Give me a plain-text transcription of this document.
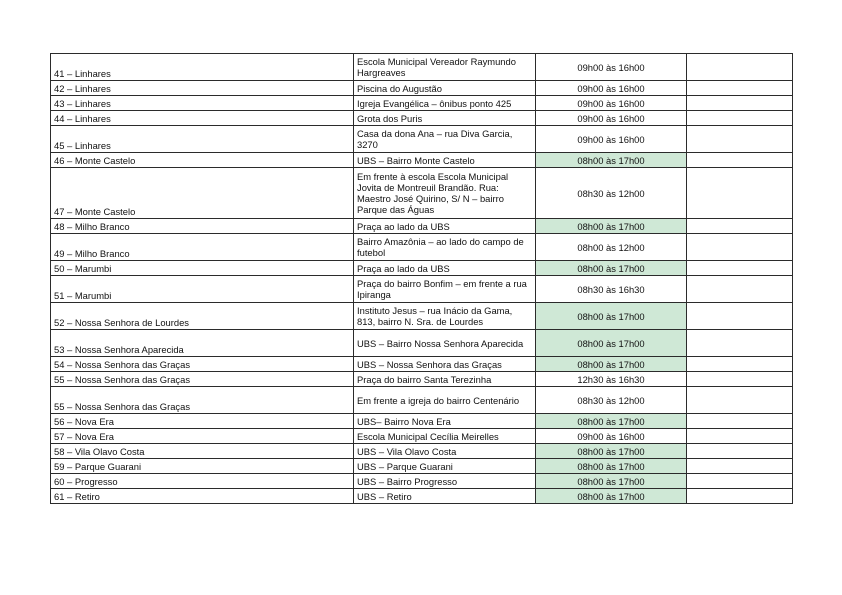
41 – Linhares	Escola Municipal Vereador Raymundo Hargreaves	09h00 às 16h00	
42 – Linhares	Piscina do Augustão	09h00 às 16h00	
43 – Linhares	Igreja Evangélica – ônibus ponto 425	09h00 às 16h00	
44 – Linhares	Grota dos Puris	09h00 às 16h00	
45 – Linhares	Casa da dona Ana – rua Diva Garcia, 3270	09h00 às 16h00	
46 – Monte Castelo	UBS – Bairro Monte Castelo	08h00 às 17h00	
47 – Monte Castelo	Em frente à escola Escola Municipal Jovita de Montreuil Brandão. Rua: Maestro José Quirino, S/ N – bairro Parque das Águas	08h30 às 12h00	
48 – Milho Branco	Praça ao lado da UBS	08h00 às 17h00	
49 – Milho Branco	Bairro Amazônia – ao lado do campo de futebol	08h00 às 12h00	
50 – Marumbi	Praça ao lado da UBS	08h00 às 17h00	
51 – Marumbi	Praça do bairro Bonfim – em frente a rua Ipiranga	08h30 às 16h30	
52 – Nossa Senhora de Lourdes	Instituto Jesus – rua Inácio da Gama, 813, bairro N. Sra. de Lourdes	08h00 às 17h00	
53 – Nossa Senhora Aparecida	UBS – Bairro Nossa Senhora Aparecida	08h00 às 17h00	
54 – Nossa Senhora das Graças	UBS – Nossa Senhora das Graças	08h00 às 17h00	
55 – Nossa Senhora das Graças	Praça do bairro Santa Terezinha	12h30 às 16h30	
55 – Nossa Senhora das Graças	Em frente a igreja do bairro Centenário	08h30 às 12h00	
56 – Nova Era	UBS– Bairro Nova Era	08h00 às 17h00	
57 – Nova Era	Escola Municipal Cecília Meirelles	09h00 às 16h00	
58 – Vila Olavo Costa	UBS – Vila Olavo Costa	08h00 às 17h00	
59 – Parque Guarani	UBS – Parque Guarani	08h00 às 17h00	
60 – Progresso	UBS – Bairro Progresso	08h00 às 17h00	
61 – Retiro	UBS – Retiro	08h00 às 17h00	
